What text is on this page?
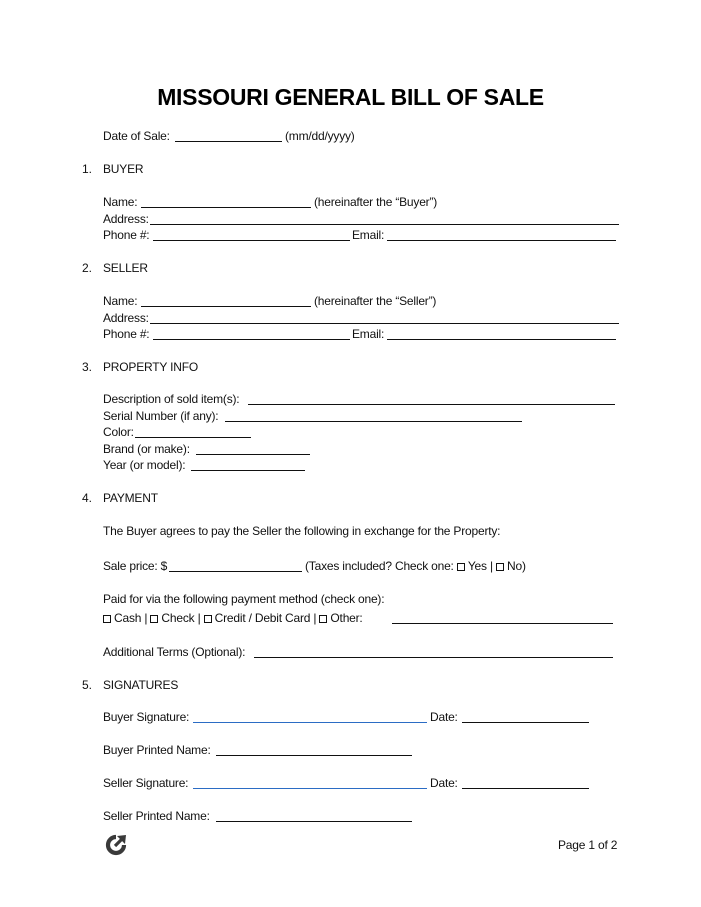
MISSOURI GENERAL BILL OF SALE
Date of Sale:	(mm/dd/yyyy)
1. BUYER
Name:	(hereinafter the “Buyer”)
Address:
Phone #:	Email:
2. SELLER
Name:	(hereinafter the “Seller”)
Address:
Phone #:	Email:
3. PROPERTY INFO
Description of sold item(s):
Serial Number (if any):
Color:
Brand (or make):
Year (or model):
4. PAYMENT
The Buyer agrees to pay the Seller the following in exchange for the Property:
Sale price: $	(Taxes included? Check one: Yes | No)
Paid for via the following payment method (check one):
Cash | Check | Credit / Debit Card | Other:
Additional Terms (Optional):
5. SIGNATURES
Buyer Signature:	Date:
Buyer Printed Name:
Seller Signature:	Date:
Seller Printed Name:
Page 1 of 2
